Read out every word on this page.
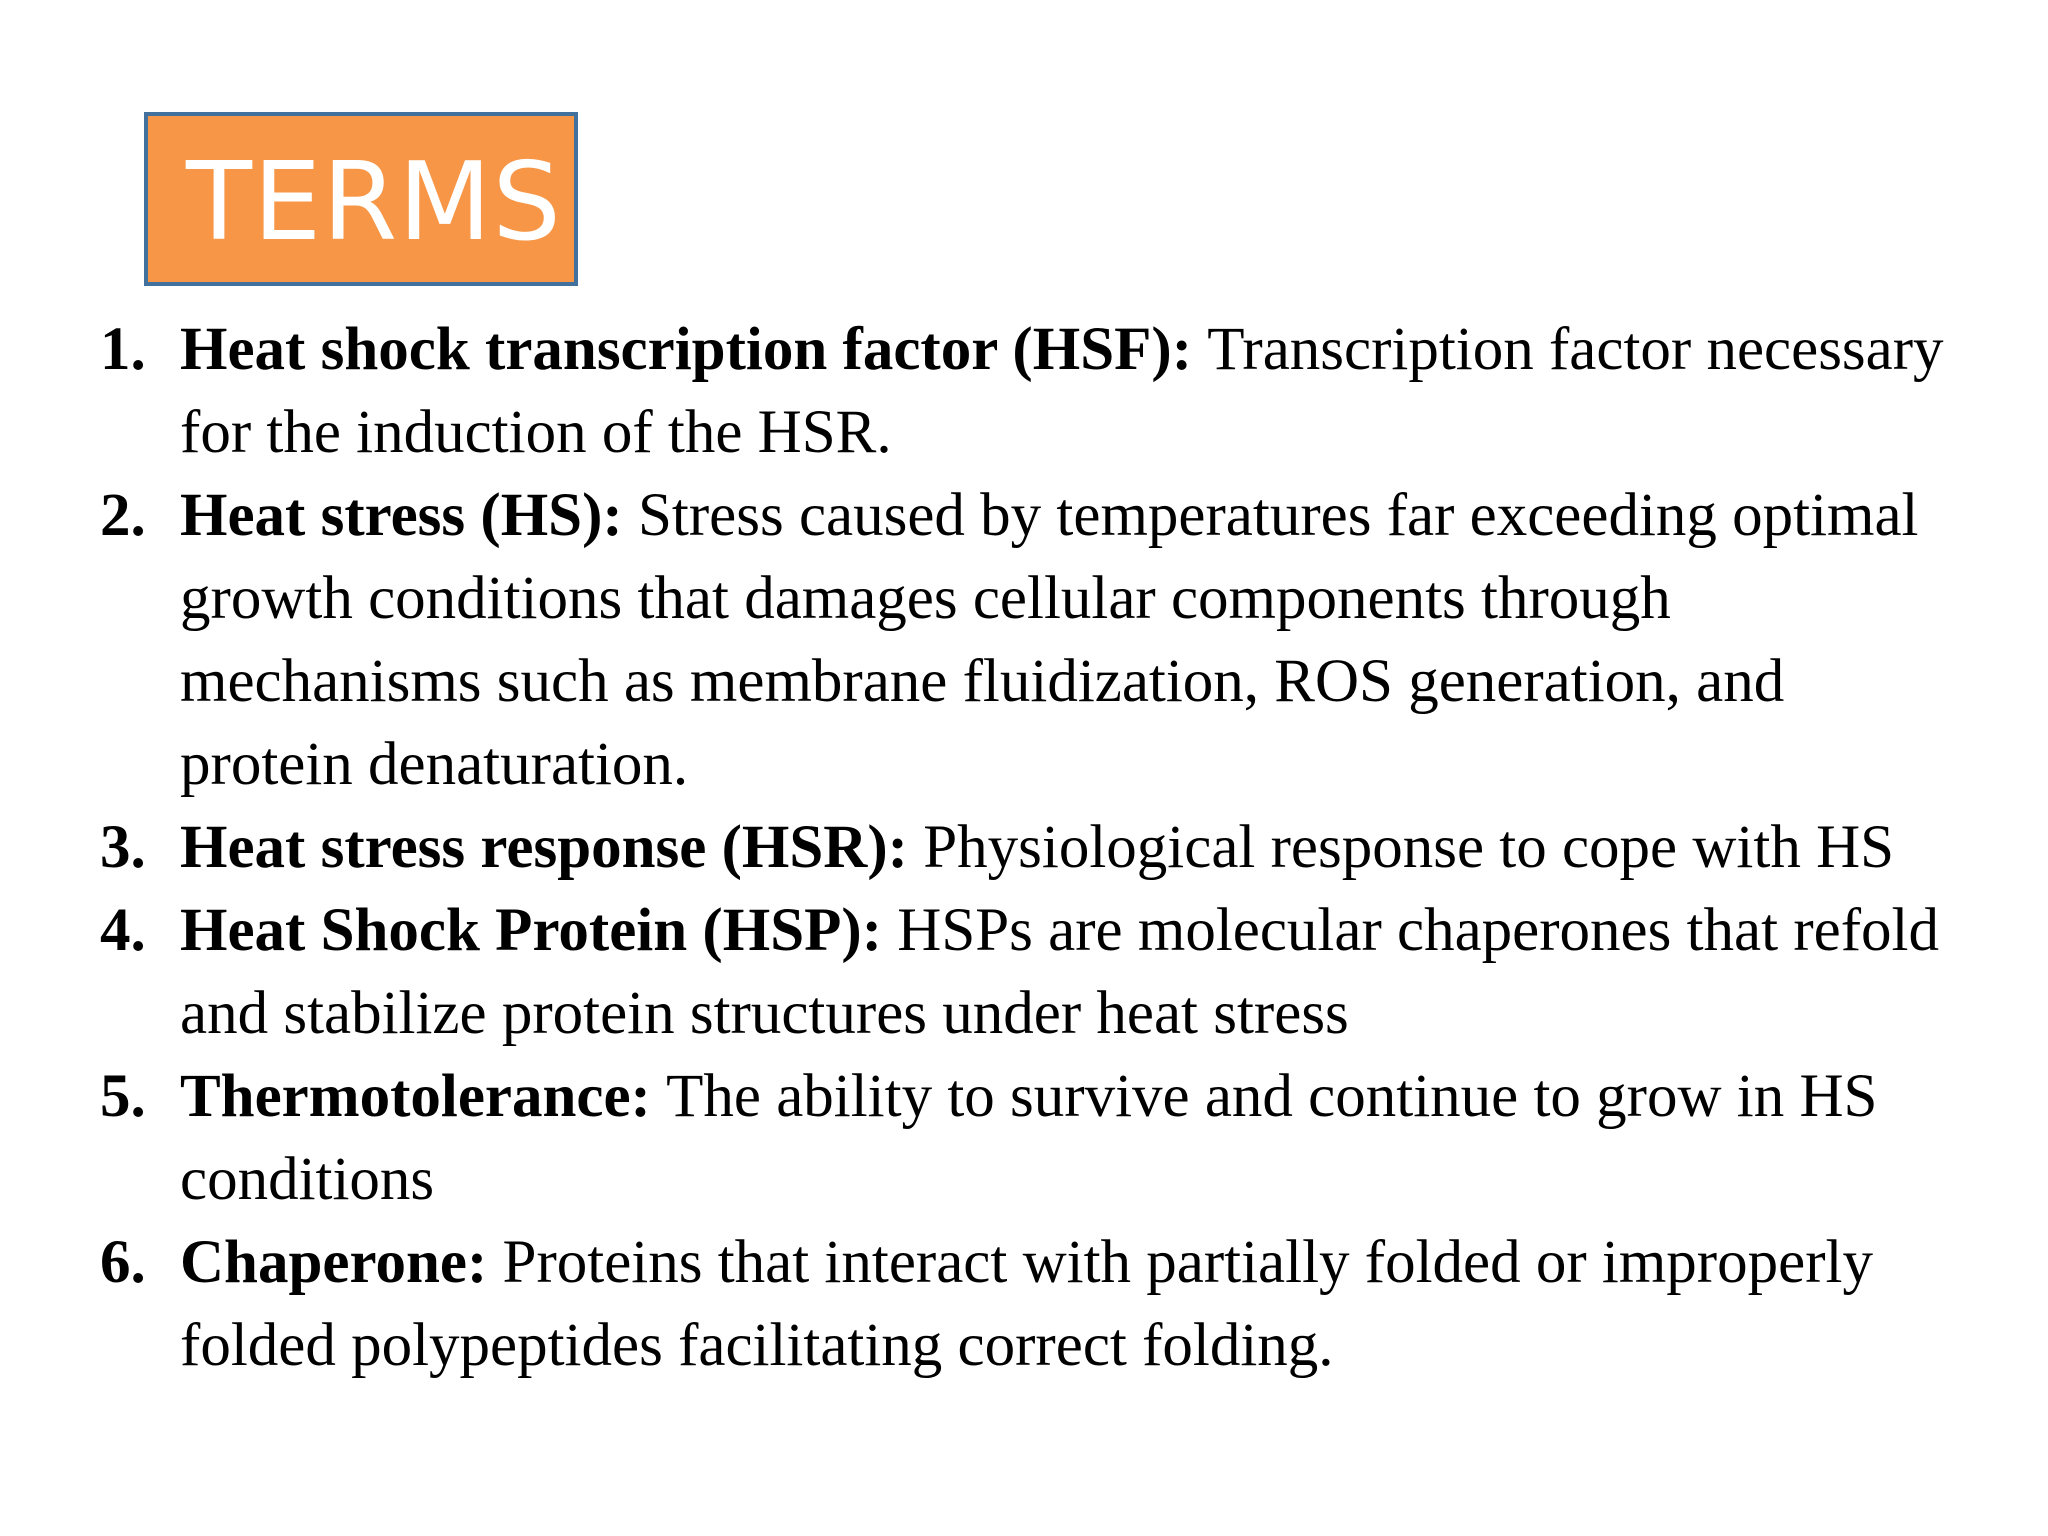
TERMS
1. Heat shock transcription factor (HSF): Transcription factor necessary for the induction of the HSR.
2. Heat stress (HS): Stress caused by temperatures far exceeding optimal growth conditions that damages cellular components through mechanisms such as membrane fluidization, ROS generation, and protein denaturation.
3. Heat stress response (HSR): Physiological response to cope with HS
4. Heat Shock Protein (HSP): HSPs are molecular chaperones that refold and stabilize protein structures under heat stress
5. Thermotolerance: The ability to survive and continue to grow in HS conditions
6. Chaperone: Proteins that interact with partially folded or improperly folded polypeptides facilitating correct folding.
